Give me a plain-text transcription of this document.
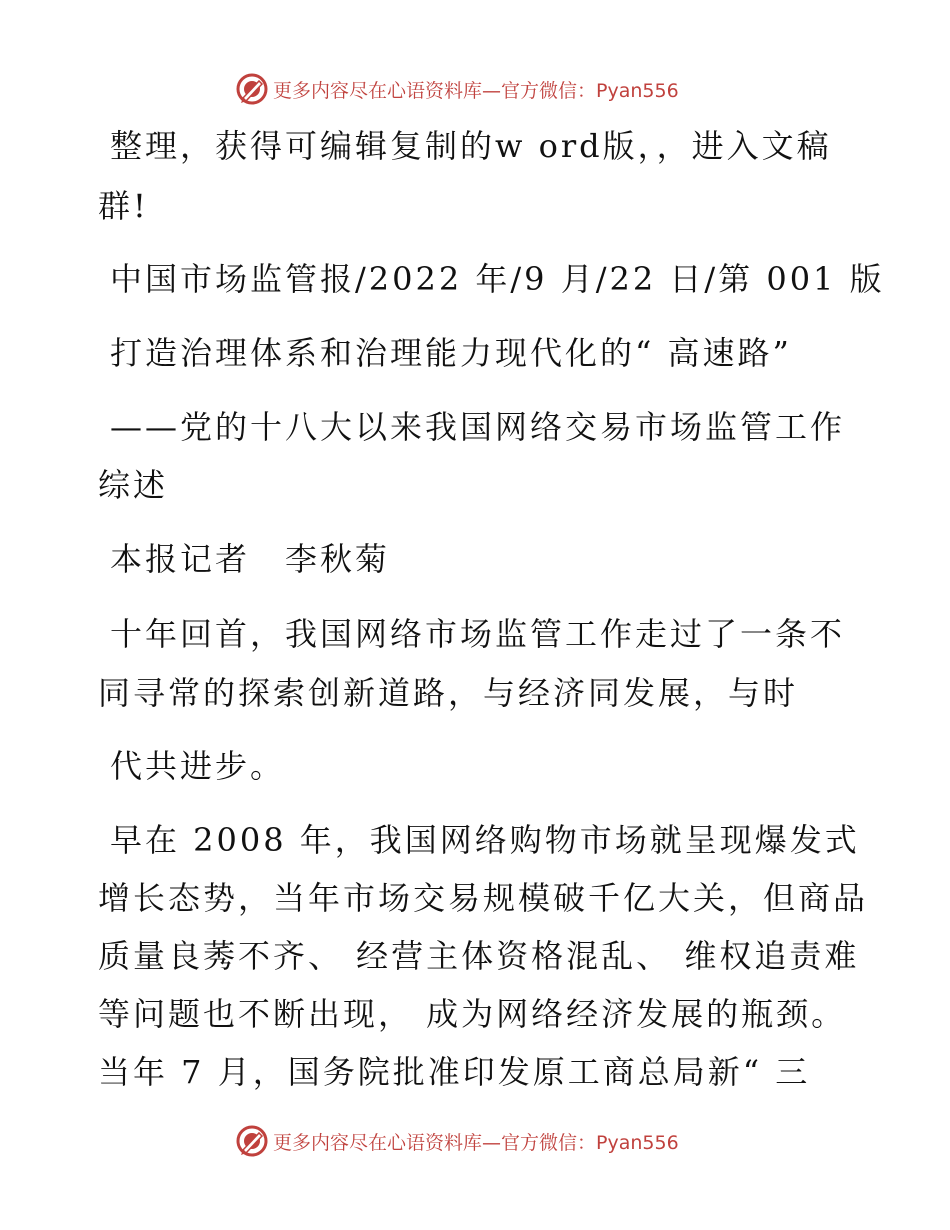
更多内容尽在心语资料库—官方微信：Pyan556
整理，获得可编辑复制的w ord版，，进入文稿
群!
中国市场监管报/2022 年/9 月/22 日/第 001 版
打造治理体系和治理能力现代化的“ 高速路”
——党的十八大以来我国网络交易市场监管工作
综述
本报记者　李秋菊
十年回首，我国网络市场监管工作走过了一条不
同寻常的探索创新道路，与经济同发展，与时
代共进步。
早在 2008 年，我国网络购物市场就呈现爆发式
增长态势，当年市场交易规模破千亿大关，但商品
质量良莠不齐、 经营主体资格混乱、 维权追责难
等问题也不断出现， 成为网络经济发展的瓶颈。
当年 7 月，国务院批准印发原工商总局新“ 三
更多内容尽在心语资料库—官方微信：Pyan556
